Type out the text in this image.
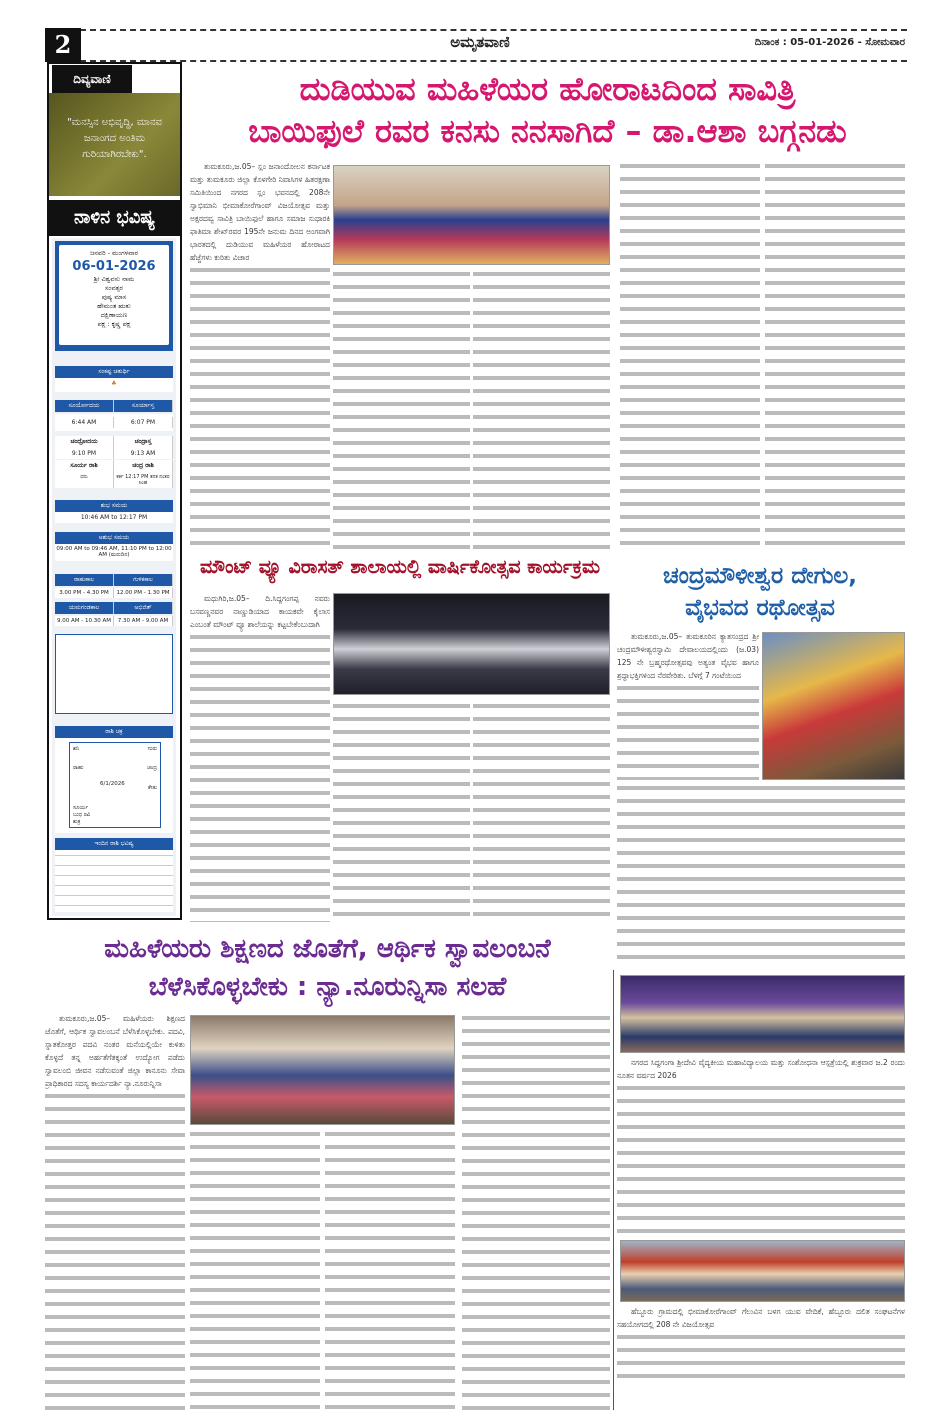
2	ಅಮೃತವಾಣಿ	ದಿನಾಂಕ : 05-01-2026 - ಸೋಮವಾರ
ದಿವ್ಯವಾಣಿ
"ಮನಸ್ಸಿನ ಅಭಿವೃದ್ಧಿ, ಮಾನವ ಜನಾಂಗದ ಅಂತಿಮ ಗುರಿಯಾಗಿರಬೇಕು".
ನಾಳಿನ ಭವಿಷ್ಯ
ಜನವರಿ - ಮಂಗಳವಾರ
06-01-2026
ಶ್ರೀ ವಿಶ್ವವಸು ನಾಮ
ಸಂವತ್ಸರ
ಪುಷ್ಯ ಮಾಸ
ಹೇಮಂತ ಋತು
ದಕ್ಷಿಣಾಯಣ
ಪಕ್ಷ : ಕೃಷ್ಣ ಪಕ್ಷ
ಸಂಕಷ್ಟ ಚತುರ್ಥಿ
♣
ಸೂರ್ಯೋದಯ	ಸೂರ್ಯಾಸ್ತ
6:44 AM	6:07 PM
ಚಂದ್ರೋದಯ	ಚಂದ್ರಾಸ್ತ
9:10 PM	9:13 AM
ಸೂರ್ಯ ರಾಶಿ	ಚಂದ್ರ ರಾಶಿ
ಧನು	ಕರ್ಕ 12:17 PM ತನಕ ನಂತರ ಸಿಂಹ
ಶುಭ ಸಮಯ
10:46 AM to 12:17 PM
ಅಶುಭ ಸಮಯ
09:00 AM to 09:46 AM, 11:10 PM to 12:00 AM (ಮರುದಿನ)
ರಾಹುಕಾಲ	ಗುಳಿಕಕಾಲ
3.00 PM - 4.30 PM	12.00 PM - 1.30 PM
ಯಮಗಂಡಕಾಲ	ಅಭಿಜಿತ್
9.00 AM - 10.30 AM	7.30 AM - 9.00 AM
ರಾಶಿ ಚಕ್ರ
ಶನಿ	ಗುರು
ರಾಹು	ಚಂದ್ರ
ಕೇತು
ಸೂರ್ಯ ಬುಧ ರವಿ ಶುಕ್ರ
6/1/2026
ಇಂದಿನ ರಾಶಿ ಭವಿಷ್ಯ
ದುಡಿಯುವ ಮಹಿಳೆಯರ ಹೋರಾಟದಿಂದ ಸಾವಿತ್ರಿ
ಬಾಯಿಫುಲೆ ರವರ ಕನಸು ನನಸಾಗಿದೆ – ಡಾ.ಆಶಾ ಬಗ್ಗನಡು

ತುಮಕೂರು,ಜ.05– ಸ್ಲಂ ಜನಾಂದೋಲನ ಕರ್ನಾಟಕ ಮತ್ತು ತುಮಕೂರು ಜಿಲ್ಲಾ ಕೊಳಗೇರಿ ನಿವಾಸಿಗಳ ಹಿತರಕ್ಷಣಾ ಸಮಿತಿಯಿಂದ ನಗರದ ಸ್ಲಂ ಭವನದಲ್ಲಿ 208ನೇ ಸ್ವಾಭಿಮಾನಿ ಭೀಮಾಕೋರೆಗಾಂವ್ ವಿಜಯೋತ್ಸವ ಮತ್ತು ಅಕ್ಷರದವ್ವ ಸಾವಿತ್ರಿ ಬಾಯಿಫುಲೆ ಹಾಗೂ ಸಮಾಜ ಸುಧಾರಕಿ ಫಾತಿಮಾ ಶೇಖ್‌ರವರ 195ನೇ ಜನುಮ ದಿನದ ಅಂಗವಾಗಿ ಭಾರತದಲ್ಲಿ ದುಡಿಯುವ ಮಹಿಳೆಯರ ಹೋರಾಟದ ಹೆಜ್ಜೆಗಳು ಕುರಿತು ವಿಚಾರ

ಮೌಂಟ್ ವ್ಯೂ ವಿರಾಸತ್ ಶಾಲಾಯಲ್ಲಿ ವಾರ್ಷಿಕೋತ್ಸವ ಕಾರ್ಯಕ್ರಮ

ಮಧುಗಿರಿ,ಜ.05– ದಿ.ಸಿದ್ದಗಂಗಪ್ಪ ನವರು ಬಸವಣ್ಣನವರ ನಾಣ್ಣುಡಿಯಾದ ಕಾಯಕವೇ ಕೈಲಾಸ ಎಂಬಂತೆ ಮೌಂಟ್ ವ್ಯೂ ಶಾಲೆಯನ್ನು ಕಟ್ಟಬೇಕೆಂಬುದಾಗಿ

ಚಂದ್ರಮೌಳೀಶ್ವರ ದೇಗುಲ,
ವೈಭವದ ರಥೋತ್ಸವ

ತುಮಕೂರು,ಜ.05– ತುಮಕೂರಿನ ಕ್ಯಾತಸಂದ್ರದ ಶ್ರೀ ಚಂದ್ರಮೌಳೀಶ್ವರಸ್ವಾಮಿ ದೇವಾಲಯದಲ್ಲಿಂದು (ಜ.03) 125 ನೇ ಬ್ರಹ್ಮರಥೋತ್ಸವವು ಅತ್ಯಂತ ವೈಭವ ಹಾಗೂ ಶ್ರದ್ಧಾಭಕ್ತಿಗಳಿಂದ ನೆರವೇರಿತು. ಬೆಳಗ್ಗೆ 7 ಗಂಟೆಯಿಂದ

ಮಹಿಳೆಯರು ಶಿಕ್ಷಣದ ಜೊತೆಗೆ, ಆರ್ಥಿಕ ಸ್ವಾವಲಂಬನೆ
ಬೆಳೆಸಿಕೊಳ್ಳಬೇಕು : ನ್ಯಾ.ನೂರುನ್ನಿಸಾ ಸಲಹೆ

ತುಮಕೂರು,ಜ.05– ಮಹಿಳೆಯರು ಶಿಕ್ಷಣದ ಜೊತೆಗೆ, ಆರ್ಥಿಕ ಸ್ವಾವಲಂಬನೆ ಬೆಳೆಸಿಕೊಳ್ಳಬೇಕು. ಪದವಿ, ಸ್ನಾತಕೋತ್ತರ ಪದವಿ ನಂತರ ಮನೆಯಲ್ಲಿಯೇ ಕುಳಿತು ಕೊಳ್ಳದೆ ತನ್ನ ಅರ್ಹತೆಗೆತಕ್ಕಂತೆ ಉದ್ಯೋಗ ಪಡೆದು ಸ್ವಾವಲಂಬಿ ಜೀವನ ನಡೆಸುವಂತೆ ಜಿಲ್ಲಾ ಕಾನೂನು ಸೇವಾ ಪ್ರಾಧಿಕಾರದ ಸದಸ್ಯ ಕಾರ್ಯದರ್ಶಿ ನ್ಯಾ.ನೂರುನ್ನಿಸಾ

ನಗರದ ಸಿದ್ದಗಂಗಾ ಶ್ರೀದೇವಿ ವೈದ್ಯಕೀಯ ಮಹಾವಿದ್ಯಾಲಯ ಮತ್ತು ಸಂಶೋಧನಾ ಆಸ್ಪತ್ರೆಯಲ್ಲಿ ಶುಕ್ರವಾರ ಜ.2 ರಂದು ನೂತನ ವರ್ಷದ 2026

ಹೆಬ್ಬೂರು ಗ್ರಾಮದಲ್ಲಿ ಭೀಮಾಕೋರೆಗಾಂವ್ ಗೆಲುವಿನ ಬಳಗ ಯುವ ವೇದಿಕೆ, ಹೆಬ್ಬೂರು ದಲಿತ ಸಂಘಟನೆಗಳ ಸಹಯೋಗದಲ್ಲಿ 208 ನೇ ವಿಜಯೋತ್ಸವ
